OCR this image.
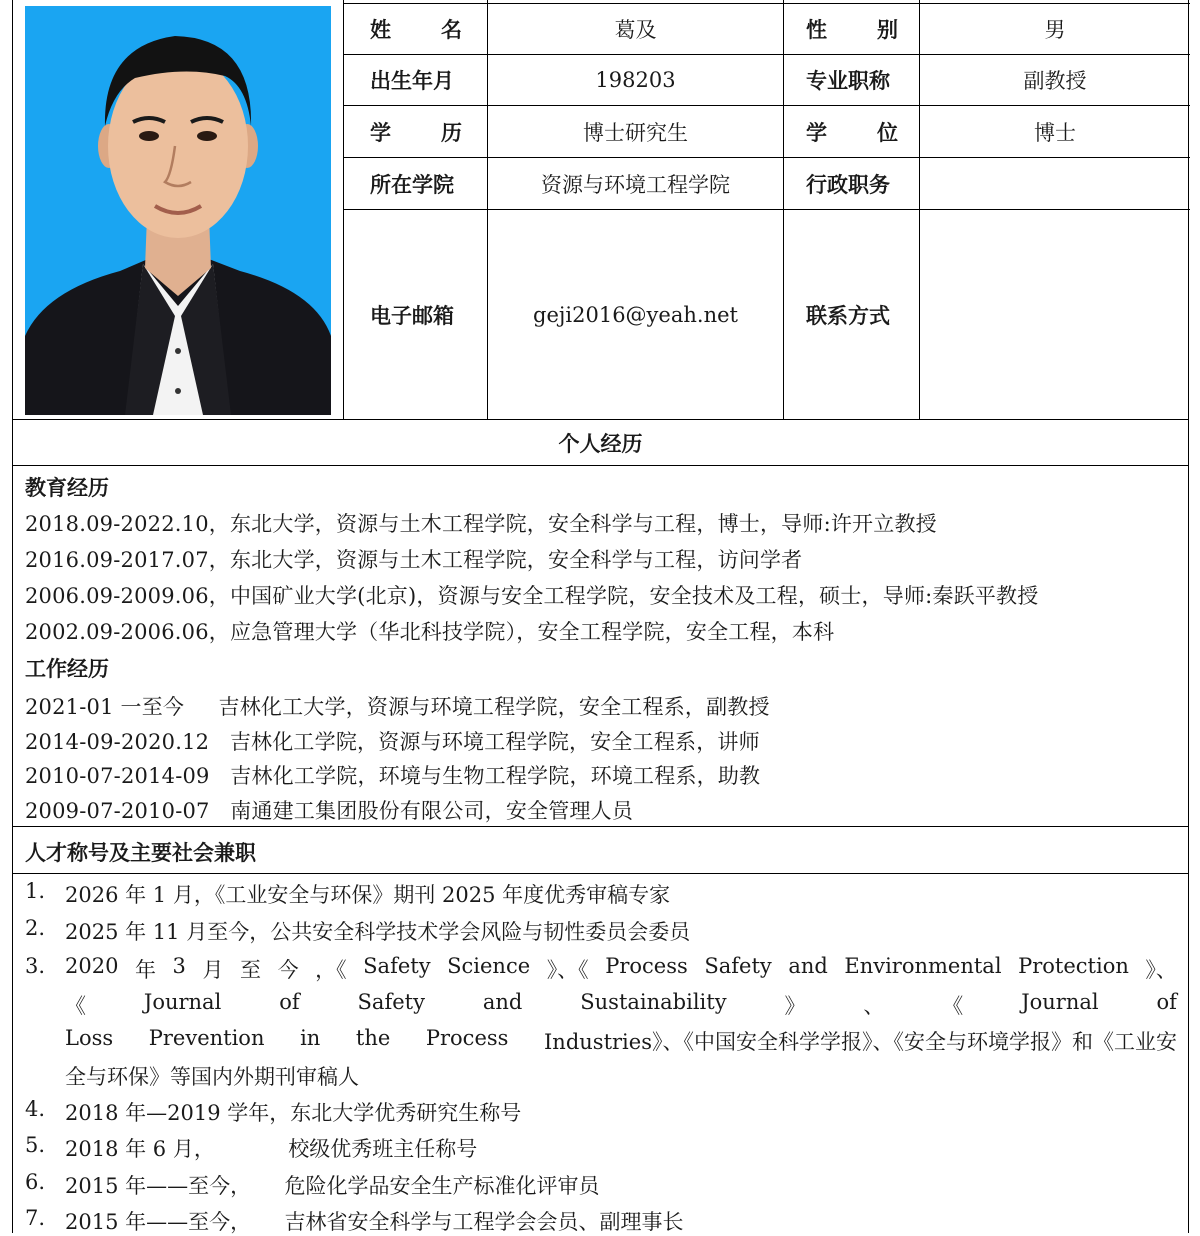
姓 名	葛及	性 别	男
出生年月	198203	专业职称	副教授
学 历	博士研究生	学 位	博士
所在学院	资源与环境工程学院	行政职务
电子邮箱	geji2016@yeah.net	联系方式
个人经历
教育经历
2018.09-2022.10，东北大学，资源与土木工程学院，安全科学与工程，博士，导师:许开立教授
2016.09-2017.07，东北大学，资源与土木工程学院，安全科学与工程，访问学者
2006.09-2009.06，中国矿业大学(北京)，资源与安全工程学院，安全技术及工程，硕士，导师:秦跃平教授
2002.09-2006.06，应急管理大学（华北科技学院），安全工程学院，安全工程，本科
工作经历
2021-01 一至今     吉林化工大学，资源与环境工程学院，安全工程系，副教授
2014-09-2020.12   吉林化工学院，资源与环境工程学院，安全工程系，讲师
2010-07-2014-09   吉林化工学院，环境与生物工程学院，环境工程系，助教
2009-07-2010-07   南通建工集团股份有限公司，安全管理人员
人才称号及主要社会兼职
1. 2026 年 1 月，《工业安全与环保》期刊 2025 年度优秀审稿专家
2. 2025 年 11 月至今，公共安全科学技术学会风险与韧性委员会委员
3. 2020 年 3 月 至 今 ，《 Safety Science 》、《 Process Safety and Environmental Protection 》、
《	Journal	of	Safety	and	Sustainability	》	、	《	Journal	of
Loss Prevention in the Process Industries》、《中国安全科学学报》、《安全与环境学报》和《工业安
全与环保》等国内外期刊审稿人
4. 2018 年—2019 学年，东北大学优秀研究生称号
5. 2018 年 6 月，           校级优秀班主任称号
6. 2015 年——至今，     危险化学品安全生产标准化评审员
7. 2015 年——至今，     吉林省安全科学与工程学会会员、副理事长
